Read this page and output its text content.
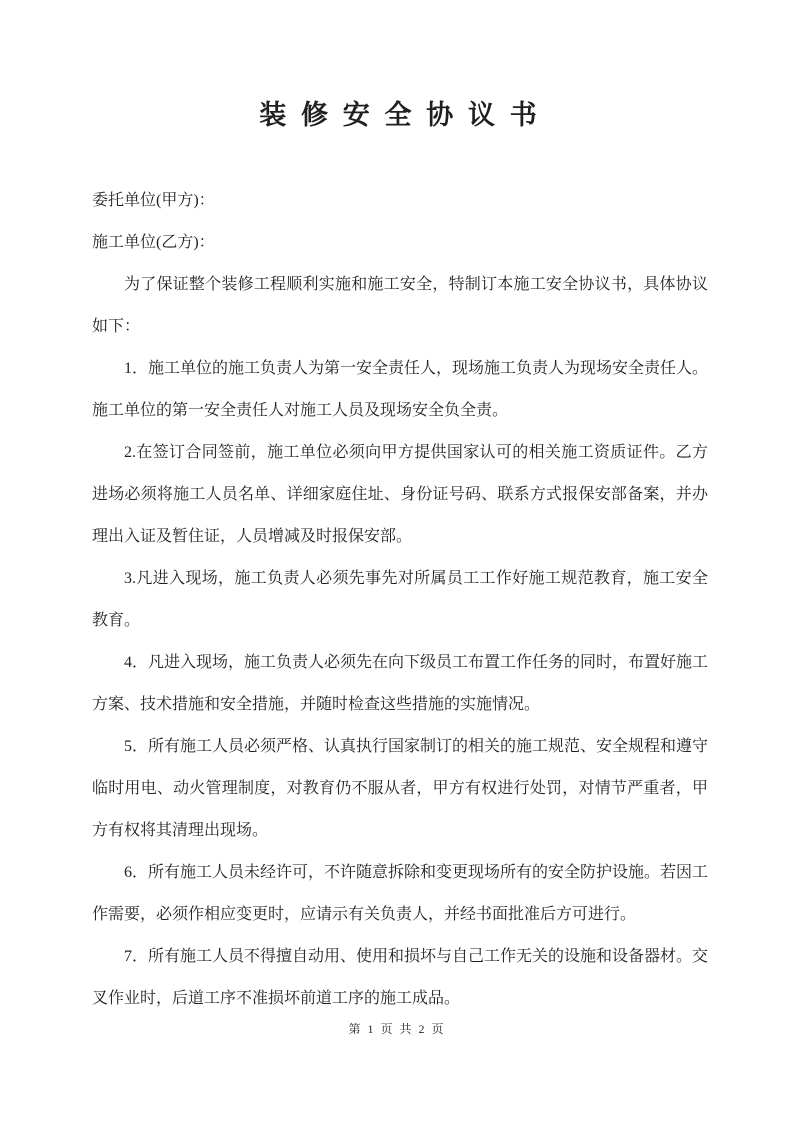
装 修 安 全 协 议 书

委托单位(甲方)：

施工单位(乙方)：

为了保证整个装修工程顺利实施和施工安全，特制订本施工安全协议书，具体协议如下：

1．施工单位的施工负责人为第一安全责任人，现场施工负责人为现场安全责任人。施工单位的第一安全责任人对施工人员及现场安全负全责。

2.在签订合同签前，施工单位必须向甲方提供国家认可的相关施工资质证件。乙方进场必须将施工人员名单、详细家庭住址、身份证号码、联系方式报保安部备案，并办理出入证及暂住证，人员增减及时报保安部。

3.凡进入现场，施工负责人必须先事先对所属员工工作好施工规范教育，施工安全教育。

4．凡进入现场，施工负责人必须先在向下级员工布置工作任务的同时，布置好施工方案、技术措施和安全措施，并随时检查这些措施的实施情况。

5．所有施工人员必须严格、认真执行国家制订的相关的施工规范、安全规程和遵守临时用电、动火管理制度，对教育仍不服从者，甲方有权进行处罚，对情节严重者，甲方有权将其清理出现场。

6．所有施工人员未经许可，不许随意拆除和变更现场所有的安全防护设施。若因工作需要，必须作相应变更时，应请示有关负责人，并经书面批准后方可进行。

7．所有施工人员不得擅自动用、使用和损坏与自己工作无关的设施和设备器材。交叉作业时，后道工序不准损坏前道工序的施工成品。

第 1 页 共 2 页
